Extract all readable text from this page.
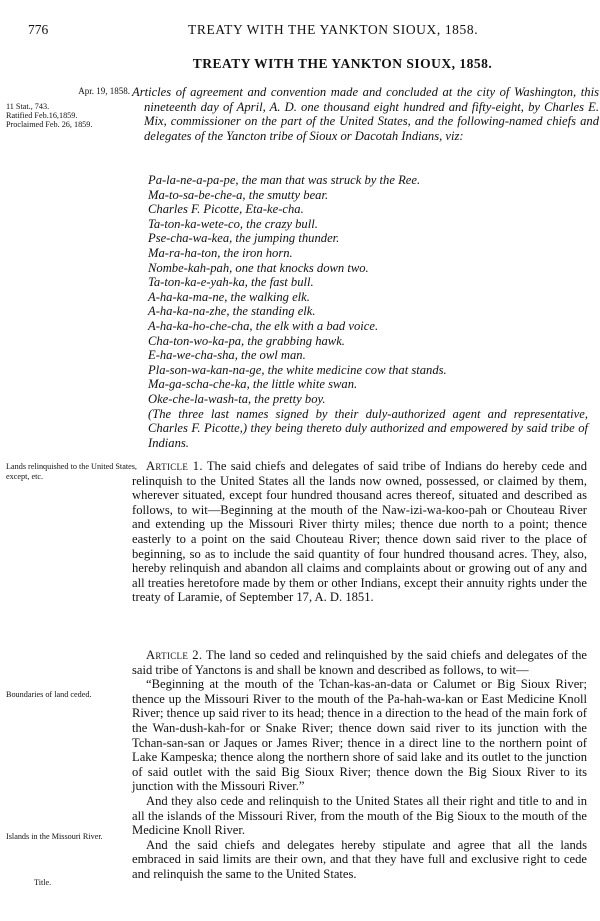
776	TREATY WITH THE YANKTON SIOUX, 1858.
TREATY WITH THE YANKTON SIOUX, 1858.
Apr. 19, 1858.
11 Stat., 743.
Ratified Feb.16,1859.
Proclaimed Feb. 26, 1859.
Lands relinquished to the United States, except, etc.
Boundaries of land ceded.
Islands in the Missouri River.
Title.
Articles of agreement and convention made and concluded at the city of Washington, this nineteenth day of April, A. D. one thousand eight hundred and fifty-eight, by Charles E. Mix, commissioner on the part of the United States, and the following-named chiefs and delegates of the Yancton tribe of Sioux or Dacotah Indians, viz:
Pa-la-ne-a-pa-pe, the man that was struck by the Ree.
Ma-to-sa-be-che-a, the smutty bear.
Charles F. Picotte, Eta-ke-cha.
Ta-ton-ka-wete-co, the crazy bull.
Pse-cha-wa-kea, the jumping thunder.
Ma-ra-ha-ton, the iron horn.
Nombe-kah-pah, one that knocks down two.
Ta-ton-ka-e-yah-ka, the fast bull.
A-ha-ka-ma-ne, the walking elk.
A-ha-ka-na-zhe, the standing elk.
A-ha-ka-ho-che-cha, the elk with a bad voice.
Cha-ton-wo-ka-pa, the grabbing hawk.
E-ha-we-cha-sha, the owl man.
Pla-son-wa-kan-na-ge, the white medicine cow that stands.
Ma-ga-scha-che-ka, the little white swan.
Oke-che-la-wash-ta, the pretty boy.
(The three last names signed by their duly-authorized agent and representative, Charles F. Picotte,) they being thereto duly authorized and empowered by said tribe of Indians.

Article 1. The said chiefs and delegates of said tribe of Indians do hereby cede and relinquish to the United States all the lands now owned, possessed, or claimed by them, wherever situated, except four hundred thousand acres thereof, situated and described as follows, to wit—Beginning at the mouth of the Naw-izi-wa-koo-pah or Chouteau River and extending up the Missouri River thirty miles; thence due north to a point; thence easterly to a point on the said Chouteau River; thence down said river to the place of beginning, so as to include the said quantity of four hundred thousand acres. They, also, hereby relinquish and abandon all claims and complaints about or growing out of any and all treaties heretofore made by them or other Indians, except their annuity rights under the treaty of Laramie, of September 17, A. D. 1851.

Article 2. The land so ceded and relinquished by the said chiefs and delegates of the said tribe of Yanctons is and shall be known and described as follows, to wit—

“Beginning at the mouth of the Tchan-kas-an-data or Calumet or Big Sioux River; thence up the Missouri River to the mouth of the Pa-hah-wa-kan or East Medicine Knoll River; thence up said river to its head; thence in a direction to the head of the main fork of the Wan-dush-kah-for or Snake River; thence down said river to its junction with the Tchan-san-san or Jaques or James River; thence in a direct line to the northern point of Lake Kampeska; thence along the northern shore of said lake and its outlet to the junction of said outlet with the said Big Sioux River; thence down the Big Sioux River to its junction with the Missouri River.”

And they also cede and relinquish to the United States all their right and title to and in all the islands of the Missouri River, from the mouth of the Big Sioux to the mouth of the Medicine Knoll River.

And the said chiefs and delegates hereby stipulate and agree that all the lands embraced in said limits are their own, and that they have full and exclusive right to cede and relinquish the same to the United States.
